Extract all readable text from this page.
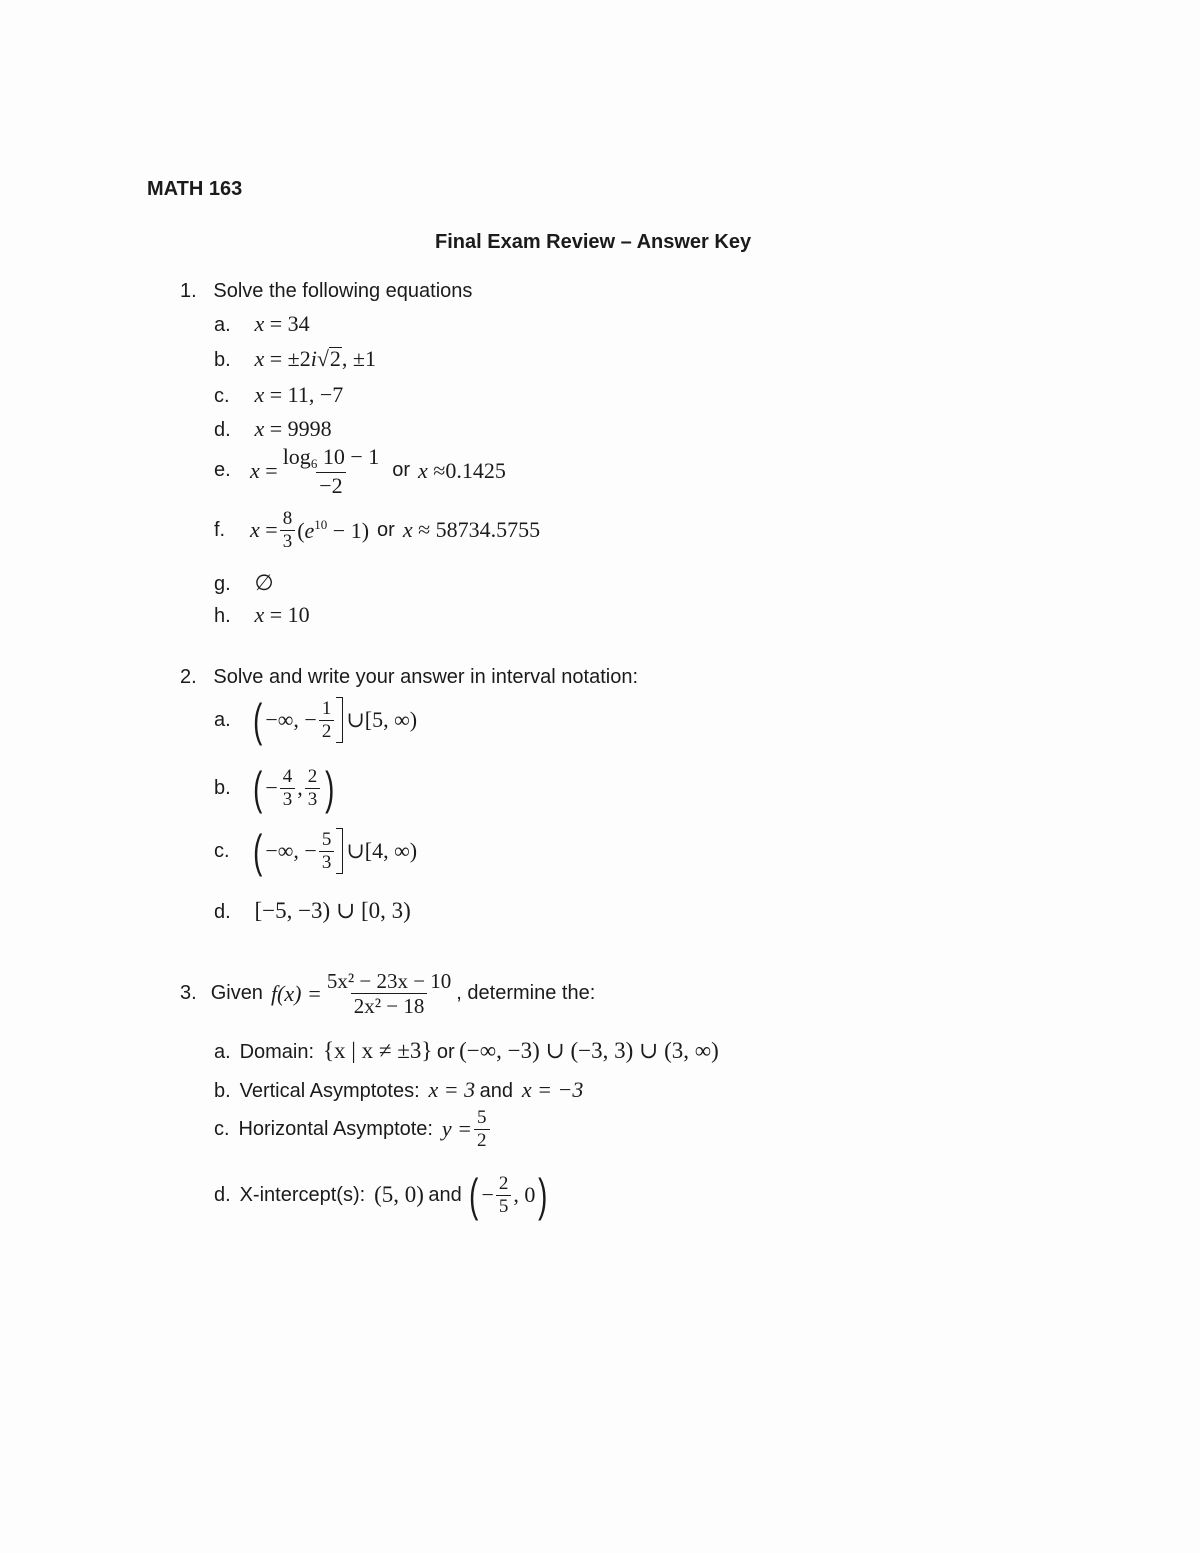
MATH 163
Final Exam Review – Answer Key
1. Solve the following equations
a. x = 34
b. x = ±2i√2, ±1
c. x = 11, −7
d. x = 9998
e. $x = \frac{\log_6 10 - 1}{-2}$ or x ≈0.1425
f.	$x = \frac{8}{3} (e^{10} - 1)$ or x ≈ 58734.5755
g. ∅
h. x = 10
2. Solve and write your answer in interval notation:
a. ( −∞, − $\frac{1}{2}$ ∪ [5, ∞)
b. ( − $\frac{4}{3}$ , $\frac{2}{3}$ )
c. ( −∞, − $\frac{5}{3}$ ∪ [4, ∞)
d. [−5, −3) ∪ [0, 3)
3. Given $f(x) = \frac{\text{5x² − 23x − 10}}{\text{2x² − 18}}$ , determine the:
a. Domain: {x | x ≠ ±3} or (−∞, −3) ∪ (−3, 3) ∪ (3, ∞)
b. Vertical Asymptotes: x = 3 and x = −3
c.
Horizontal Asymptote:
$y = \frac{5}{2}$
d.
X-intercept(s):
(5, 0)
and
( − $\frac{2}{5}$ , 0 )
